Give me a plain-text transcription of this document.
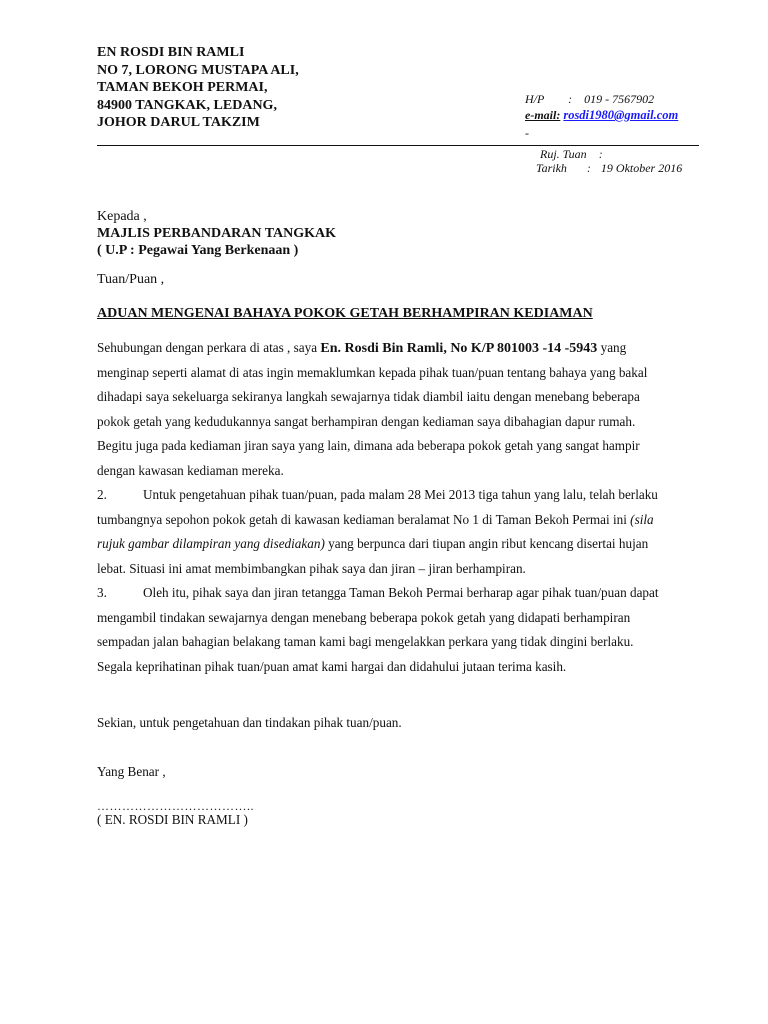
EN ROSDI BIN RAMLI
NO 7, LORONG MUSTAPA ALI,
TAMAN BEKOH PERMAI,
84900 TANGKAK, LEDANG,
JOHOR DARUL TAKZIM
H/P : 019 - 7567902
e-mail: rosdi1980@gmail.com
-
Ruj. Tuan :
Tarikh : 19 Oktober 2016
Kepada ,
MAJLIS PERBANDARAN TANGKAK
( U.P : Pegawai Yang Berkenaan )
Tuan/Puan ,
ADUAN MENGENAI BAHAYA POKOK GETAH BERHAMPIRAN KEDIAMAN
Sehubungan dengan perkara di atas , saya En. Rosdi Bin Ramli, No K/P 801003 -14 -5943 yang
menginap seperti alamat di atas ingin memaklumkan kepada pihak tuan/puan tentang bahaya yang bakal
dihadapi saya sekeluarga sekiranya langkah sewajarnya tidak diambil iaitu dengan menebang beberapa
pokok getah yang kedudukannya sangat berhampiran dengan kediaman saya dibahagian dapur rumah.
Begitu juga pada kediaman jiran saya yang lain, dimana ada beberapa pokok getah yang sangat hampir
dengan kawasan kediaman mereka.
2.	Untuk pengetahuan pihak tuan/puan, pada malam 28 Mei 2013 tiga tahun yang lalu, telah berlaku
tumbangnya sepohon pokok getah di kawasan kediaman beralamat No 1 di Taman Bekoh Permai ini (sila
rujuk gambar dilampiran yang disediakan) yang berpunca dari tiupan angin ribut kencang disertai hujan
lebat. Situasi ini amat membimbangkan pihak saya dan jiran – jiran berhampiran.
3.	Oleh itu, pihak saya dan jiran tetangga Taman Bekoh Permai berharap agar pihak tuan/puan dapat
mengambil tindakan sewajarnya dengan menebang beberapa pokok getah yang didapati berhampiran
sempadan jalan bahagian belakang taman kami bagi mengelakkan perkara yang tidak dingini berlaku.
Segala keprihatinan pihak tuan/puan amat kami hargai dan didahului jutaan terima kasih.
Sekian, untuk pengetahuan dan tindakan pihak tuan/puan.
Yang Benar ,
………………………………..
( EN. ROSDI BIN RAMLI )
